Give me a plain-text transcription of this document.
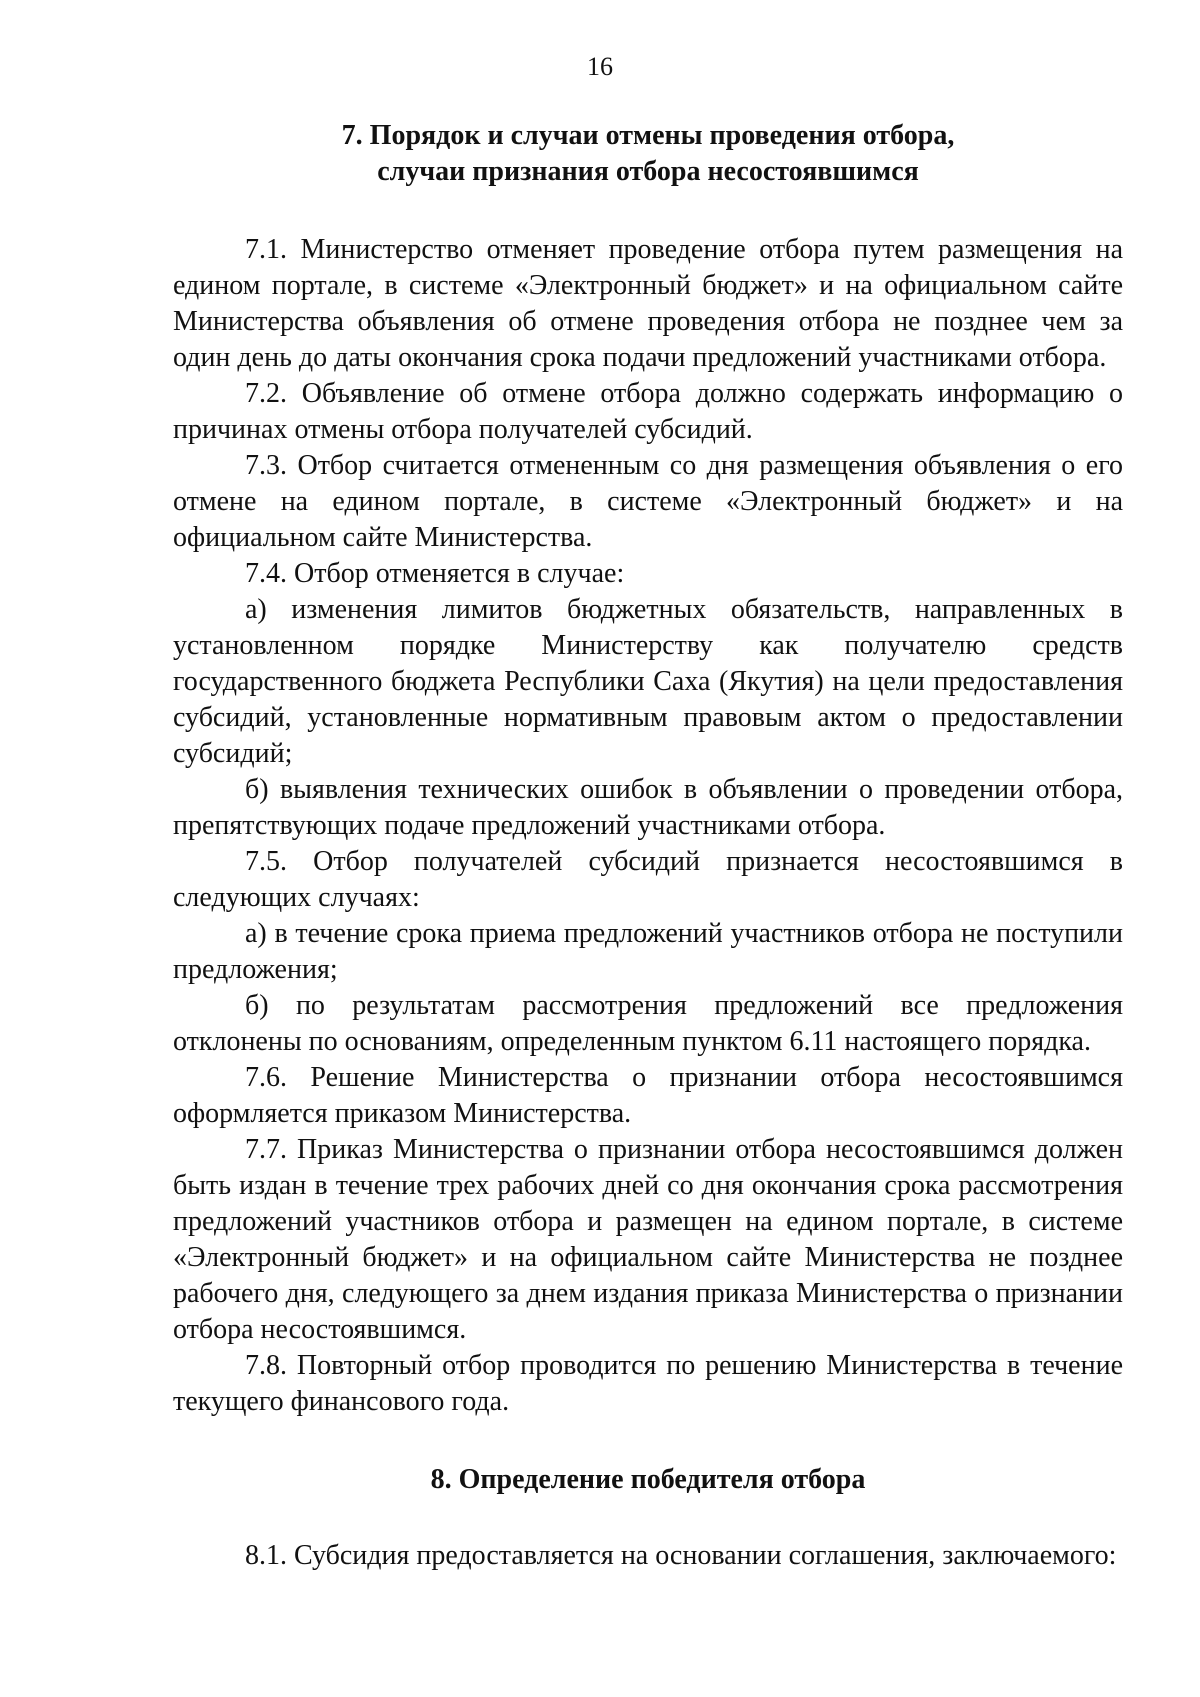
16
7. Порядок и случаи отмены проведения отбора,
случаи признания отбора несостоявшимся

7.1. Министерство отменяет проведение отбора путем размещения на едином портале, в системе «Электронный бюджет» и на официальном сайте Министерства объявления об отмене проведения отбора не позднее чем за один день до даты окончания срока подачи предложений участниками отбора.

7.2. Объявление об отмене отбора должно содержать информацию о причинах отмены отбора получателей субсидий.

7.3. Отбор считается отмененным со дня размещения объявления о его отмене на едином портале, в системе «Электронный бюджет» и на официальном сайте Министерства.

7.4. Отбор отменяется в случае:

а) изменения лимитов бюджетных обязательств, направленных в установленном порядке Министерству как получателю средств государственного бюджета Республики Саха (Якутия) на цели предоставления субсидий, установленные нормативным правовым актом о предоставлении субсидий;

б) выявления технических ошибок в объявлении о проведении отбора, препятствующих подаче предложений участниками отбора.

7.5. Отбор получателей субсидий признается несостоявшимся в следующих случаях:

а) в течение срока приема предложений участников отбора не поступили предложения;

б) по результатам рассмотрения предложений все предложения отклонены по основаниям, определенным пунктом 6.11 настоящего порядка.

7.6. Решение Министерства о признании отбора несостоявшимся оформляется приказом Министерства.

7.7. Приказ Министерства о признании отбора несостоявшимся должен быть издан в течение трех рабочих дней со дня окончания срока рассмотрения предложений участников отбора и размещен на едином портале, в системе «Электронный бюджет» и на официальном сайте Министерства не позднее рабочего дня, следующего за днем издания приказа Министерства о признании отбора несостоявшимся.

7.8. Повторный отбор проводится по решению Министерства в течение текущего финансового года.

8. Определение победителя отбора

8.1. Субсидия предоставляется на основании соглашения, заключаемого:
